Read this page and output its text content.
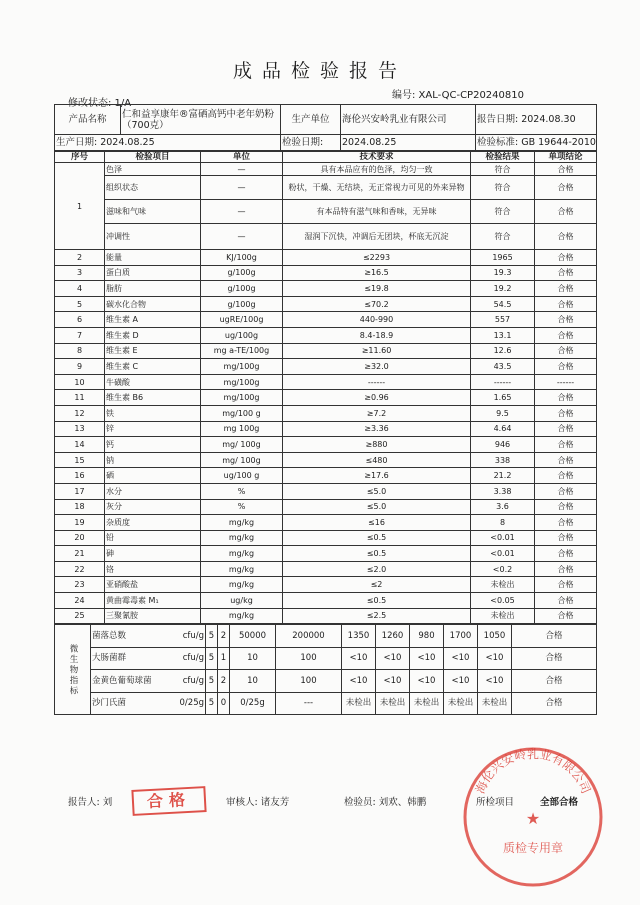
成品检验报告
修改状态: 1/A
编号: XAL-QC-CP20240810
产品名称	仁和益享康年®富硒高钙中老年奶粉（700克）	生产单位	海伦兴安岭乳业有限公司	报告日期: 2024.08.30
生产日期: 2024.08.25		检验日期:	2024.08.25	检验标准: GB 19644-2010
序号	检验项目	单位	技术要求	检验结果	单项结论
1	色泽	—	具有本品应有的色泽，均匀一致	符合	合格
	组织状态	—	粉状，干燥、无结块，无正常视力可见的外来异物	符合	合格
	滋味和气味	—	有本品特有滋气味和香味，无异味	符合	合格
	冲调性	—	湿润下沉快，冲调后无团块，杯底无沉淀	符合	合格
2	能量	KJ/100g	≤2293	1965	合格
3	蛋白质	g/100g	≥16.5	19.3	合格
4	脂肪	g/100g	≤19.8	19.2	合格
5	碳水化合物	g/100g	≤70.2	54.5	合格
6	维生素 A	ugRE/100g	440-990	557	合格
7	维生素 D	ug/100g	8.4-18.9	13.1	合格
8	维生素 E	mg a-TE/100g	≥11.60	12.6	合格
9	维生素 C	mg/100g	≥32.0	43.5	合格
10	牛磺酸	mg/100g	------	------	------
11	维生素 B6	mg/100g	≥0.96	1.65	合格
12	铁	mg/100 g	≥7.2	9.5	合格
13	锌	mg 100g	≥3.36	4.64	合格
14	钙	mg/ 100g	≥880	946	合格
15	钠	mg/ 100g	≤480	338	合格
16	硒	ug/100 g	≥17.6	21.2	合格
17	水分	%	≤5.0	3.38	合格
18	灰分	%	≤5.0	3.6	合格
19	杂质度	mg/kg	≤16	8	合格
20	铅	mg/kg	≤0.5	<0.01	合格
21	砷	mg/kg	≤0.5	<0.01	合格
22	铬	mg/kg	≤2.0	<0.2	合格
23	亚硝酸盐	mg/kg	≤2	未检出	合格
24	黄曲霉毒素 M₁	ug/kg	≤0.5	<0.05	合格
25	三聚氰胺	mg/kg	≤2.5	未检出	合格
微生物指标	菌落总数 cfu/g	5	2	50000	200000	1350	1260	980	1700	1050	合格
	大肠菌群 cfu/g	5	1	10	100	<10	<10	<10	<10	<10	合格
	金黄色葡萄球菌 cfu/g	5	2	10	100	<10	<10	<10	<10	<10	合格
	沙门氏菌 0/25g	5	0	0/25g	---	未检出	未检出	未检出	未检出	未检出	合格
报告人: 刘	审核人: 诸友芳	检验员: 刘欢、韩鹏	所检项目	全部合格
合格
海伦兴安岭乳业有限公司
★
质检专用章
